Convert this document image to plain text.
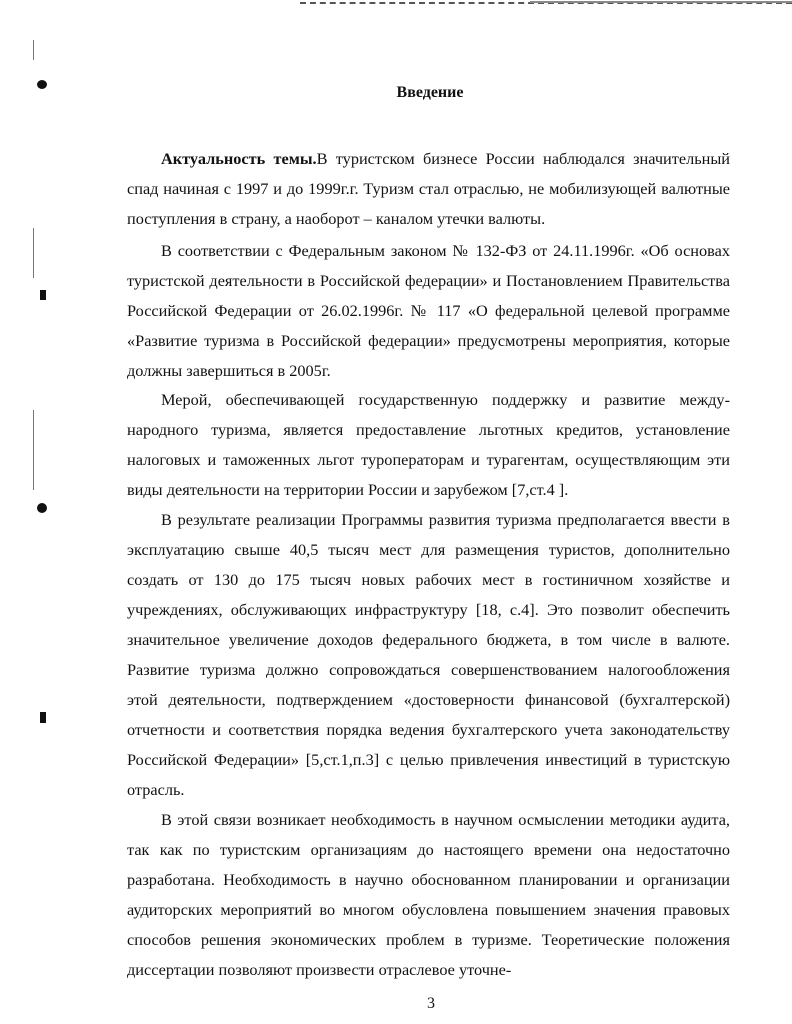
Введение

Актуальность темы.В туристском бизнесе России наблюдался значительный спад начиная с 1997 и до 1999г.г. Туризм стал отраслью, не мобилизующей валютные поступления в страну, а наоборот – каналом утечки валюты.

В соответствии с Федеральным законом № 132-ФЗ от 24.11.1996г. «Об основах туристской деятельности в Российской федерации» и Постановлением Правительства Российской Федерации от 26.02.1996г. № 117 «О федеральной целевой программе «Развитие туризма в Российской федерации» предусмотрены мероприятия, которые должны завершиться в 2005г.

Мерой, обеспечивающей государственную поддержку и развитие международного туризма, является предоставление льготных кредитов, установление налоговых и таможенных льгот туроператорам и турагентам, осуществляющим эти виды деятельности на территории России и зарубежом [7,ст.4 ].

В результате реализации Программы развития туризма предполагается ввести в эксплуатацию свыше 40,5 тысяч мест для размещения туристов, дополнительно создать от 130 до 175 тысяч новых рабочих мест в гостиничном хозяйстве и учреждениях, обслуживающих инфраструктуру [18, с.4]. Это позволит обеспечить значительное увеличение доходов федерального бюджета, в том числе в валюте. Развитие туризма должно сопровождаться совершенствованием налогообложения этой деятельности, подтверждением «достоверности финансовой (бухгалтерской) отчетности и соответствия порядка ведения бухгалтерского учета законодательству Российской Федерации» [5,ст.1,п.3] с целью привлечения инвестиций в туристскую отрасль.

В этой связи возникает необходимость в научном осмыслении методики аудита, так как по туристским организациям до настоящего времени она недостаточно разработана. Необходимость в научно обоснованном планировании и организации аудиторских мероприятий во многом обусловлена повышением значения правовых способов решения экономических проблем в туризме. Теоретические положения диссертации позволяют произвести отраслевое уточне-

3
